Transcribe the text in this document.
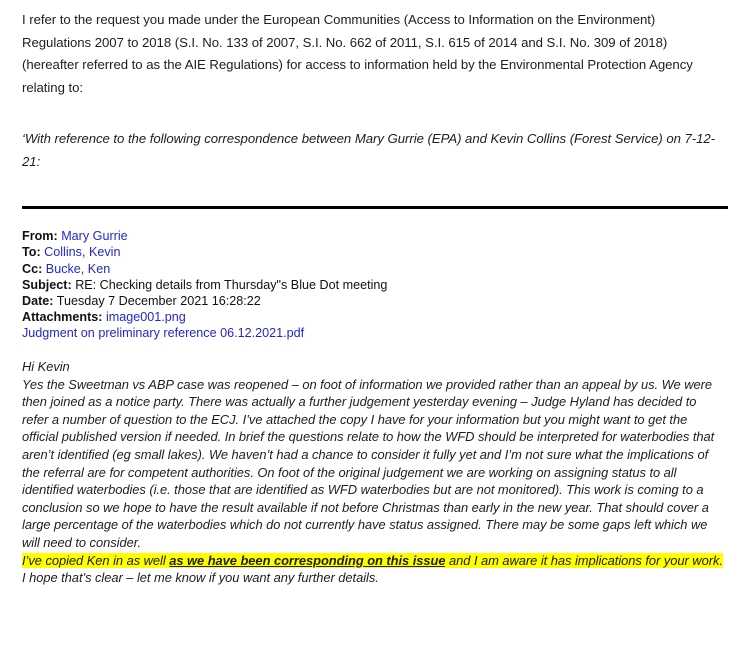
I refer to the request you made under the European Communities (Access to Information on the Environment) Regulations 2007 to 2018 (S.I. No. 133 of 2007, S.I. No. 662 of 2011, S.I. 615 of 2014 and S.I. No. 309 of 2018) (hereafter referred to as the AIE Regulations) for access to information held by the Environmental Protection Agency relating to:

‘With reference to the following correspondence between Mary Gurrie (EPA) and Kevin Collins (Forest Service) on 7-12-21:

From: Mary Gurrie
To: Collins, Kevin
Cc: Bucke, Ken
Subject: RE: Checking details from Thursday"s Blue Dot meeting
Date: Tuesday 7 December 2021 16:28:22
Attachments: image001.png
Judgment on preliminary reference 06.12.2021.pdf

Hi Kevin

Yes the Sweetman vs ABP case was reopened – on foot of information we provided rather than an appeal by us. We were then joined as a notice party. There was actually a further judgement yesterday evening – Judge Hyland has decided to refer a number of question to the ECJ. I’ve attached the copy I have for your information but you might want to get the official published version if needed. In brief the questions relate to how the WFD should be interpreted for waterbodies that aren’t identified (eg small lakes). We haven’t had a chance to consider it fully yet and I’m not sure what the implications of the referral are for competent authorities. On foot of the original judgement we are working on assigning status to all identified waterbodies (i.e. those that are identified as WFD waterbodies but are not monitored). This work is coming to a conclusion so we hope to have the result available if not before Christmas than early in the new year. That should cover a large percentage of the waterbodies which do not currently have status assigned. There may be some gaps left which we will need to consider.

I’ve copied Ken in as well as we have been corresponding on this issue and I am aware it has implications for your work.

I hope that’s clear – let me know if you want any further details.
